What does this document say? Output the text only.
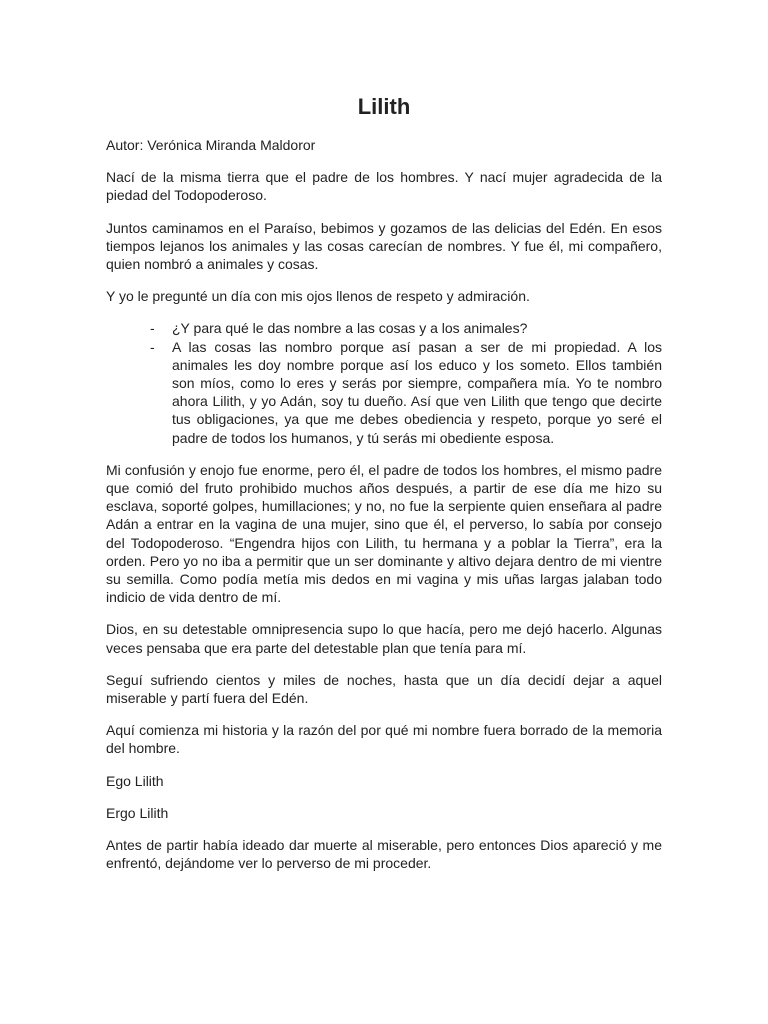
Lilith

Autor: Verónica Miranda Maldoror

Nací de la misma tierra que el padre de los hombres. Y nací mujer agradecida de la piedad del Todopoderoso.

Juntos caminamos en el Paraíso, bebimos y gozamos de las delicias del Edén. En esos tiempos lejanos los animales y las cosas carecían de nombres. Y fue él, mi compañero, quien nombró a animales y cosas.

Y yo le pregunté un día con mis ojos llenos de respeto y admiración.

- ¿Y para qué le das nombre a las cosas y a los animales?
- A las cosas las nombro porque así pasan a ser de mi propiedad. A los animales les doy nombre porque así los educo y los someto. Ellos también son míos, como lo eres y serás por siempre, compañera mía. Yo te nombro ahora Lilith, y yo Adán, soy tu dueño. Así que ven Lilith que tengo que decirte tus obligaciones, ya que me debes obediencia y respeto, porque yo seré el padre de todos los humanos, y tú serás mi obediente esposa.

Mi confusión y enojo fue enorme, pero él, el padre de todos los hombres, el mismo padre que comió del fruto prohibido muchos años después, a partir de ese día me hizo su esclava, soporté golpes, humillaciones; y no, no fue la serpiente quien enseñara al padre Adán a entrar en la vagina de una mujer, sino que él, el perverso, lo sabía por consejo del Todopoderoso. “Engendra hijos con Lilith, tu hermana y a poblar la Tierra”, era la orden. Pero yo no iba a permitir que un ser dominante y altivo dejara dentro de mi vientre su semilla. Como podía metía mis dedos en mi vagina y mis uñas largas jalaban todo indicio de vida dentro de mí.

Dios, en su detestable omnipresencia supo lo que hacía, pero me dejó hacerlo. Algunas veces pensaba que era parte del detestable plan que tenía para mí.

Seguí sufriendo cientos y miles de noches, hasta que un día decidí dejar a aquel miserable y partí fuera del Edén.

Aquí comienza mi historia y la razón del por qué mi nombre fuera borrado de la memoria del hombre.

Ego Lilith

Ergo Lilith

Antes de partir había ideado dar muerte al miserable, pero entonces Dios apareció y me enfrentó, dejándome ver lo perverso de mi proceder.
